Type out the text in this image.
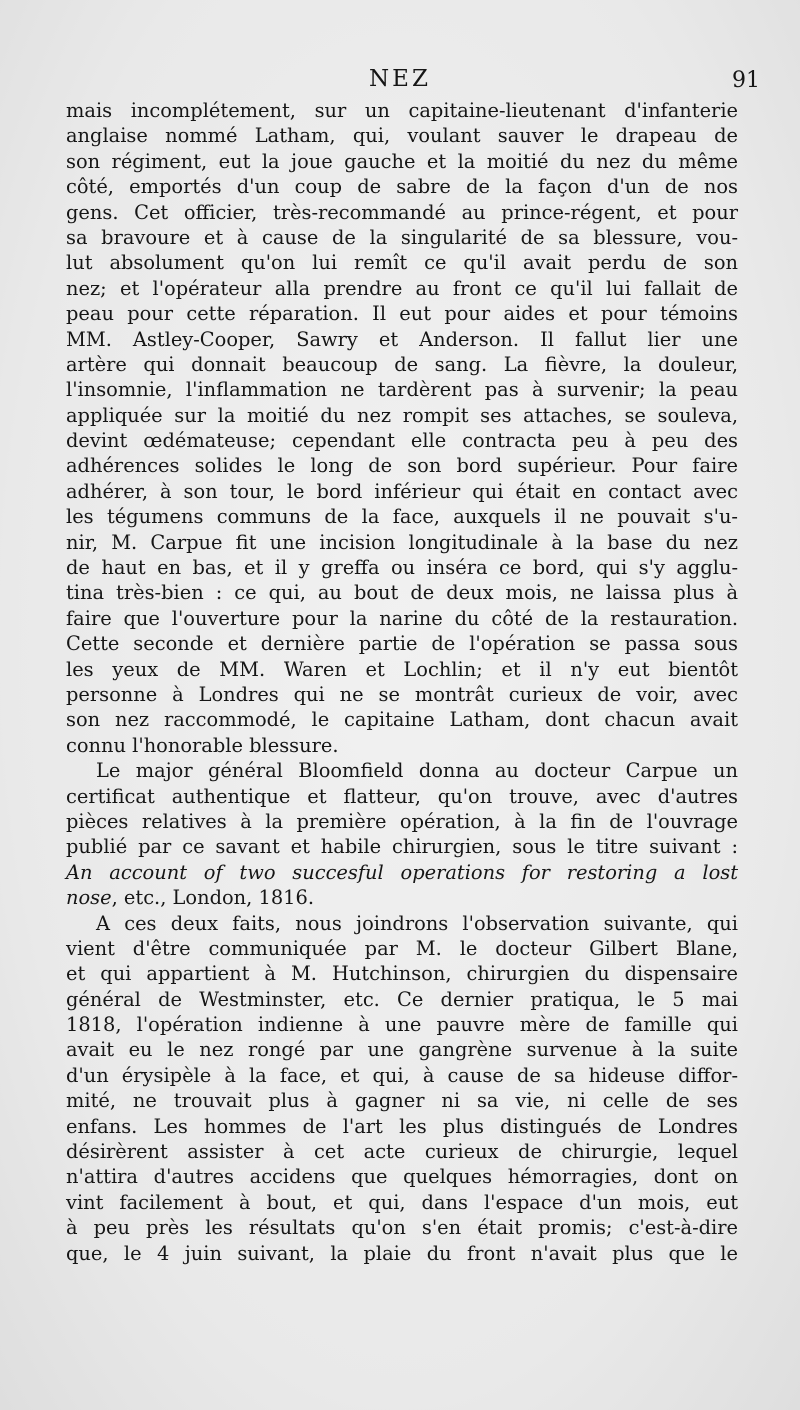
NEZ	91
mais incomplétement, sur un capitaine-lieutenant d'infanterie
anglaise nommé Latham, qui, voulant sauver le drapeau de
son régiment, eut la joue gauche et la moitié du nez du même
côté, emportés d'un coup de sabre de la façon d'un de nos
gens. Cet officier, très-recommandé au prince-régent, et pour
sa bravoure et à cause de la singularité de sa blessure, vou-
lut absolument qu'on lui remît ce qu'il avait perdu de son
nez; et l'opérateur alla prendre au front ce qu'il lui fallait de
peau pour cette réparation. Il eut pour aides et pour témoins
MM. Astley-Cooper, Sawry et Anderson. Il fallut lier une
artère qui donnait beaucoup de sang. La fièvre, la douleur,
l'insomnie, l'inflammation ne tardèrent pas à survenir; la peau
appliquée sur la moitié du nez rompit ses attaches, se souleva,
devint œdémateuse; cependant elle contracta peu à peu des
adhérences solides le long de son bord supérieur. Pour faire
adhérer, à son tour, le bord inférieur qui était en contact avec
les tégumens communs de la face, auxquels il ne pouvait s'u-
nir, M. Carpue fit une incision longitudinale à la base du nez
de haut en bas, et il y greffa ou inséra ce bord, qui s'y agglu-
tina très-bien : ce qui, au bout de deux mois, ne laissa plus à
faire que l'ouverture pour la narine du côté de la restauration.
Cette seconde et dernière partie de l'opération se passa sous
les yeux de MM. Waren et Lochlin; et il n'y eut bientôt
personne à Londres qui ne se montrât curieux de voir, avec
son nez raccommodé, le capitaine Latham, dont chacun avait
connu l'honorable blessure.
Le major général Bloomfield donna au docteur Carpue un
certificat authentique et flatteur, qu'on trouve, avec d'autres
pièces relatives à la première opération, à la fin de l'ouvrage
publié par ce savant et habile chirurgien, sous le titre suivant :
An account of two succesful operations for restoring a lost
nose, etc., London, 1816.
A ces deux faits, nous joindrons l'observation suivante, qui
vient d'être communiquée par M. le docteur Gilbert Blane,
et qui appartient à M. Hutchinson, chirurgien du dispensaire
général de Westminster, etc. Ce dernier pratiqua, le 5 mai
1818, l'opération indienne à une pauvre mère de famille qui
avait eu le nez rongé par une gangrène survenue à la suite
d'un érysipèle à la face, et qui, à cause de sa hideuse diffor-
mité, ne trouvait plus à gagner ni sa vie, ni celle de ses
enfans. Les hommes de l'art les plus distingués de Londres
désirèrent assister à cet acte curieux de chirurgie, lequel
n'attira d'autres accidens que quelques hémorragies, dont on
vint facilement à bout, et qui, dans l'espace d'un mois, eut
à peu près les résultats qu'on s'en était promis; c'est-à-dire
que, le 4 juin suivant, la plaie du front n'avait plus que le
